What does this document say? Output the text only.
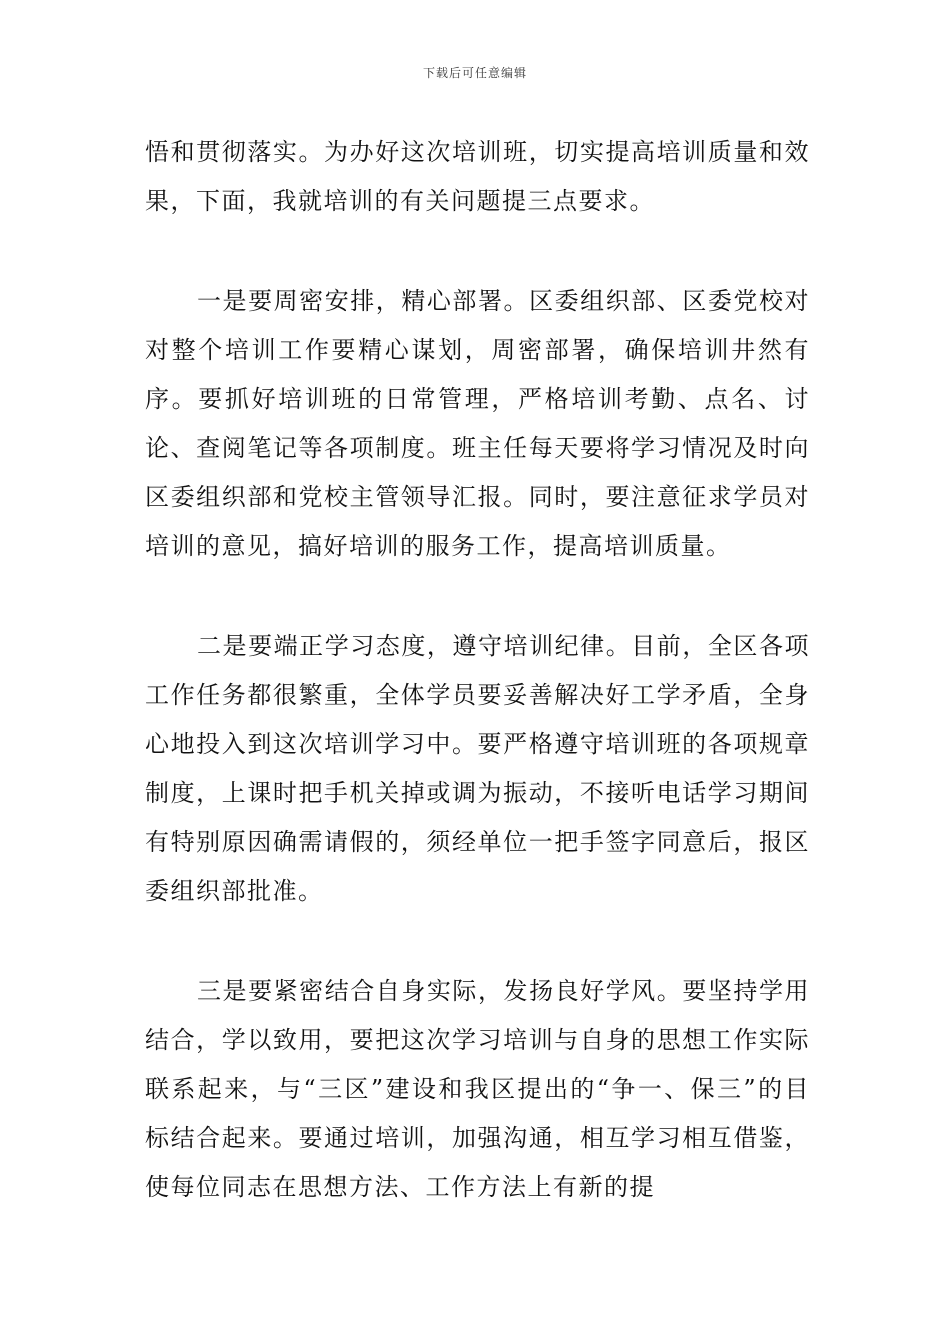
下载后可任意编辑

悟和贯彻落实。为办好这次培训班，切实提高培训质量和效果，下面，我就培训的有关问题提三点要求。

一是要周密安排，精心部署。区委组织部、区委党校对对整个培训工作要精心谋划，周密部署，确保培训井然有序。要抓好培训班的日常管理，严格培训考勤、点名、讨论、查阅笔记等各项制度。班主任每天要将学习情况及时向区委组织部和党校主管领导汇报。同时，要注意征求学员对培训的意见，搞好培训的服务工作，提高培训质量。

二是要端正学习态度，遵守培训纪律。目前，全区各项工作任务都很繁重，全体学员要妥善解决好工学矛盾，全身心地投入到这次培训学习中。要严格遵守培训班的各项规章制度，上课时把手机关掉或调为振动，不接听电话学习期间有特别原因确需请假的，须经单位一把手签字同意后，报区委组织部批准。

三是要紧密结合自身实际，发扬良好学风。要坚持学用结合，学以致用，要把这次学习培训与自身的思想工作实际联系起来，与“三区”建设和我区提出的“争一、保三”的目标结合起来。要通过培训，加强沟通，相互学习相互借鉴，使每位同志在思想方法、工作方法上有新的提
